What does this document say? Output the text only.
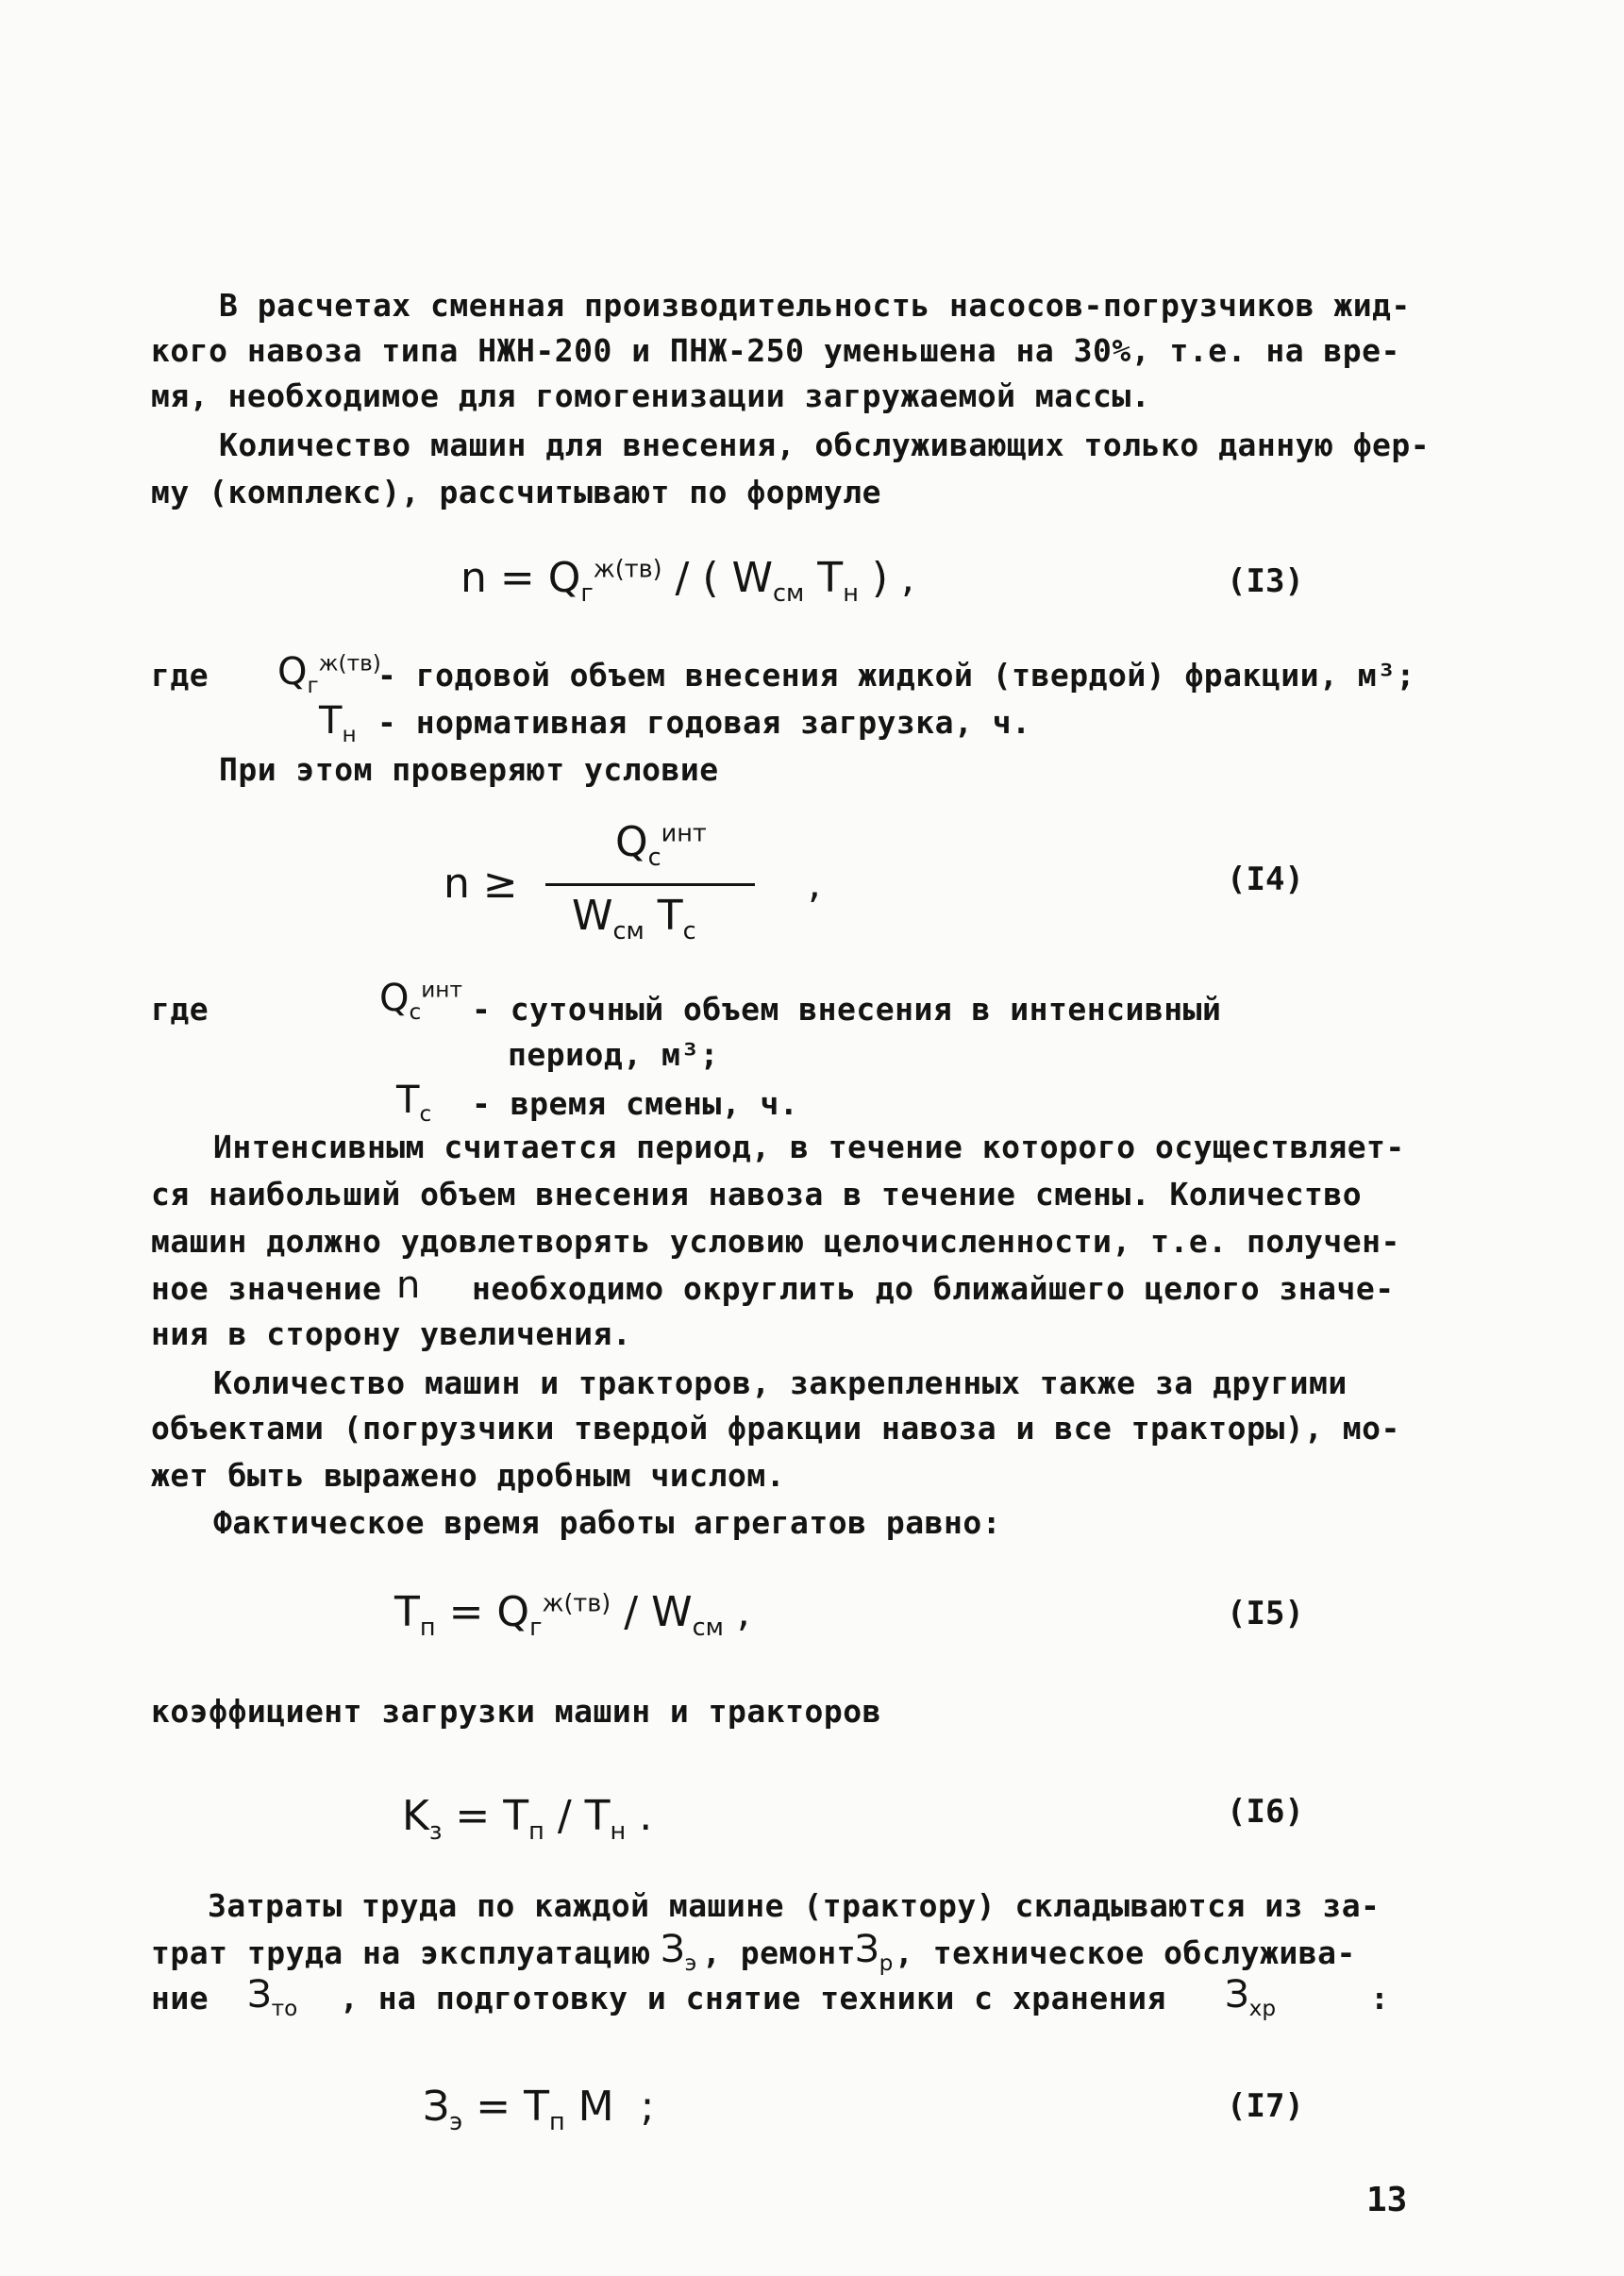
В расчетах сменная производительность насосов-погрузчиков жид-
кого навоза типа НЖН-200 и ПНЖ-250 уменьшена на 30%, т.е. на вре-
мя, необходимое для гомогенизации загружаемой массы.
Количество машин для внесения, обслуживающих только данную фер-
му (комплекс), рассчитывают по формуле
$n = Q_г^{ж(тв)}$ / ( $W_{см}$ $T_н$ ) ,	(I3)
где $Q_г^{ж(тв)}$
- годовой объем внесения жидкой (твердой) фракции, м³;
$T_н$ - нормативная годовая загрузка, ч.
При этом проверяют условие
n ≥
$Q_с^{инт}$
$W_{см}$ $T_с$
,	(I4)
где	$Q_с^{инт}$
- суточный объем внесения в интенсивный
период, м³;
$T_с$ - время смены, ч.
Интенсивным считается период, в течение которого осуществляет-
ся наибольший объем внесения навоза в течение смены. Количество
машин должно удовлетворять условию целочисленности, т.е. получен-
ное значение n необходимо округлить до ближайшего целого значе-
ния в сторону увеличения.
Количество машин и тракторов, закрепленных также за другими
объектами (погрузчики твердой фракции навоза и все тракторы), мо-
жет быть выражено дробным числом.
Фактическое время работы агрегатов равно:
$T_п = Q_г^{ж(тв)} / W_{см}$ ,	(I5)
коэффициент загрузки машин и тракторов
$K_з = T_п / T_н$ .	(I6)
Затраты труда по каждой машине (трактору) складываются из за-
трат труда на эксплуатацию $З_э$ , ремонт $З_р$ , техническое обслужива-
ние $З_{то}$ , на подготовку и снятие техники с хранения $З_{хр}$	:
$З_э = T_п$ M  ;	(I7)
13
